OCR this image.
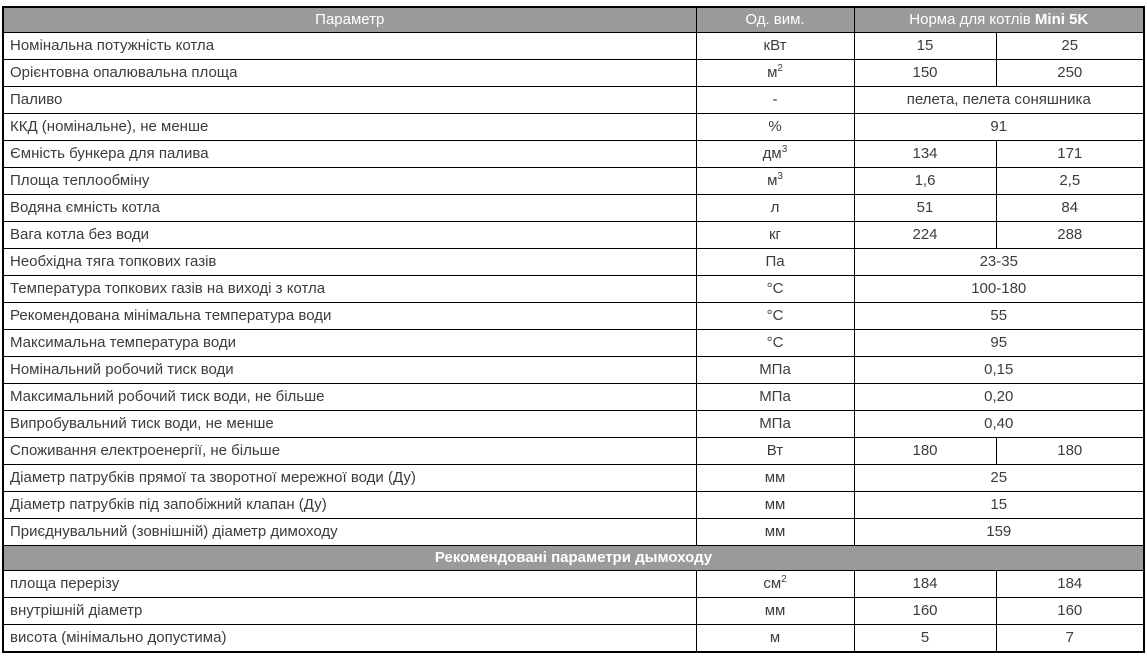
Параметр	Од. вим.	Норма для котлів Mini 5K	
Номінальна потужність котла	кВт	15	25
Орієнтовна опалювальна площа	$м^2$	150	250
Паливо	-	пелета, пелета соняшника	
ККД (номінальне), не менше	%	91	
Ємність бункера для палива	$дм^3$	134	171
Площа теплообміну	$м^3$	1,6	2,5
Водяна ємність котла	л	51	84
Вага котла без води	кг	224	288
Необхідна тяга топкових газів	Па	23-35	
Температура топкових газів на виході з котла	°С	100-180	
Рекомендована мінімальна температура води	°С	55	
Максимальна температура води	°С	95	
Номінальний робочий тиск води	МПа	0,15	
Максимальний робочий тиск води, не більше	МПа	0,20	
Випробувальний тиск води, не менше	МПа	0,40	
Споживання електроенергії, не більше	Вт	180	180
Діаметр патрубків прямої та зворотної мережної води (Ду)	мм	25	
Діаметр патрубків під запобіжний клапан (Ду)	мм	15	
Приєднувальний (зовнішній) діаметр димоходу	мм	159	
Рекомендовані параметри дымоходу			
площа перерізу	$см^2$	184	184
внутрішній діаметр	мм	160	160
висота (мінімально допустима)	м	5	7
